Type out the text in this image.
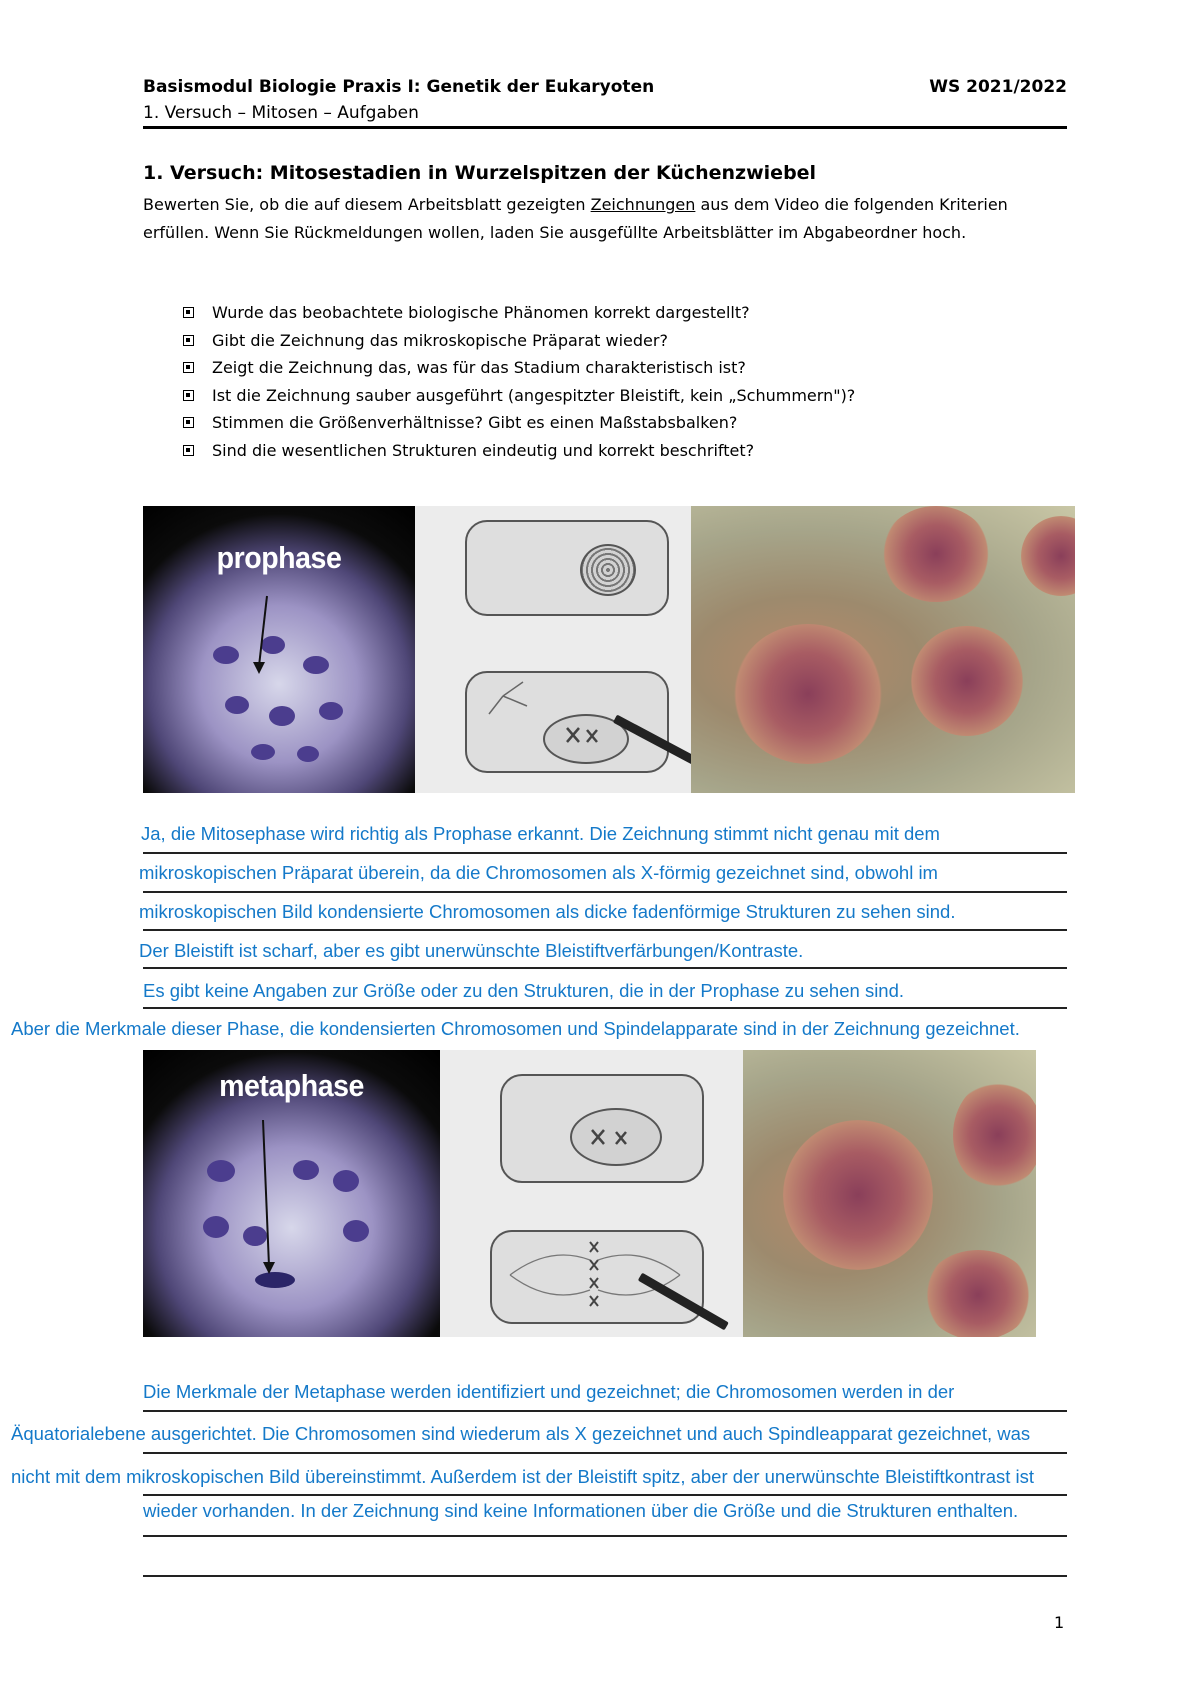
Basismodul Biologie Praxis I: Genetik der Eukaryoten
1. Versuch – Mitosen – Aufgaben
WS 2021/2022
1. Versuch: Mitosestadien in Wurzelspitzen der Küchenzwiebel
Bewerten Sie, ob die auf diesem Arbeitsblatt gezeigten Zeichnungen aus dem Video die folgenden Kriterien erfüllen. Wenn Sie Rückmeldungen wollen, laden Sie ausgefüllte Arbeitsblätter im Abgabeordner hoch.
Wurde das beobachtete biologische Phänomen korrekt dargestellt?
Gibt die Zeichnung das mikroskopische Präparat wieder?
Zeigt die Zeichnung das, was für das Stadium charakteristisch ist?
Ist die Zeichnung sauber ausgeführt (angespitzter Bleistift, kein „Schummern")?
Stimmen die Größenverhältnisse? Gibt es einen Maßstabsbalken?
Sind die wesentlichen Strukturen eindeutig und korrekt beschriftet?
prophase
Ja, die Mitosephase wird richtig als Prophase erkannt. Die Zeichnung stimmt nicht genau mit dem
mikroskopischen Präparat überein, da die Chromosomen als X-förmig gezeichnet sind, obwohl im
mikroskopischen Bild kondensierte Chromosomen als dicke fadenförmige Strukturen zu sehen sind.
Der Bleistift ist scharf, aber es gibt unerwünschte Bleistiftverfärbungen/Kontraste.
Es gibt keine Angaben zur Größe oder zu den Strukturen, die in der Prophase zu sehen sind.
Aber die Merkmale dieser Phase, die kondensierten Chromosomen und Spindelapparate sind in der Zeichnung gezeichnet.
metaphase
Die Merkmale der Metaphase werden identifiziert und gezeichnet; die Chromosomen werden in der
Äquatorialebene ausgerichtet. Die Chromosomen sind wiederum als X gezeichnet und auch Spindleapparat gezeichnet, was
nicht mit dem mikroskopischen Bild übereinstimmt. Außerdem ist der Bleistift spitz, aber der unerwünschte Bleistiftkontrast ist
wieder vorhanden. In der Zeichnung sind keine Informationen über die Größe und die Strukturen enthalten.
1
